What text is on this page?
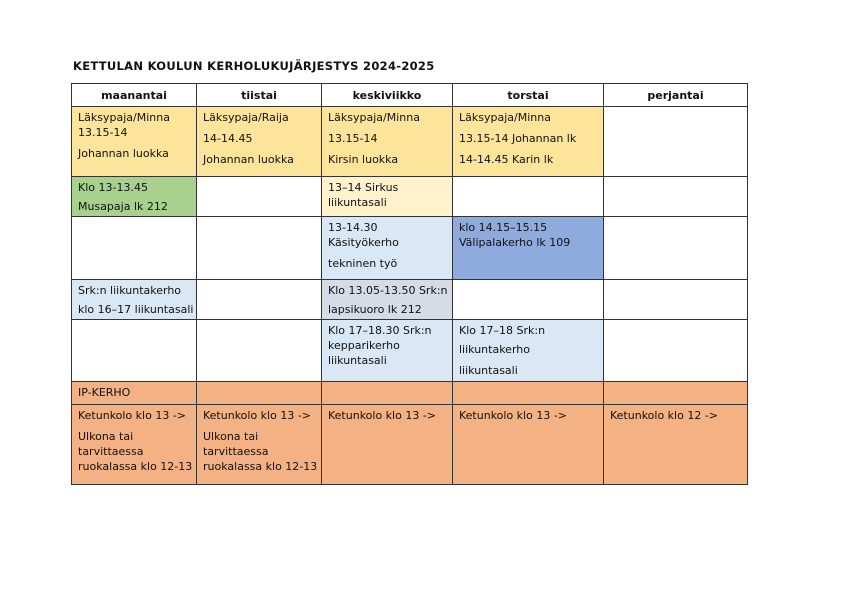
KETTULAN KOULUN KERHOLUKUJÄRJESTYS 2024-2025
maanantai	tiistai	keskiviikko	torstai	perjantai

Läksypaja/Minna
13.15-14
Johannan luokka	Läksypaja/Raija
14-14.45
Johannan luokka	Läksypaja/Minna
13.15-14
Kirsin luokka	Läksypaja/Minna
13.15-14 Johannan lk
14-14.45 Karin lk	

Klo 13-13.45
Musapaja lk 212		13–14 Sirkus
liikuntasali		

		13-14.30
Käsityökerho
tekninen työ	klo 14.15–15.15
Välipalakerho lk 109	

Srk:n liikuntakerho
klo 16–17 liikuntasali		Klo 13.05-13.50 Srk:n
lapsikuoro lk 212		

		Klo 17–18.30 Srk:n
kepparikerho
liikuntasali	Klo 17–18 Srk:n
liikuntakerho
liikuntasali	

IP-KERHO				

Ketunkolo klo 13 ->
Ulkona tai
tarvittaessa
ruokalassa klo 12-13	Ketunkolo klo 13 ->
Ulkona tai
tarvittaessa
ruokalassa klo 12-13	Ketunkolo klo 13 ->	Ketunkolo klo 13 ->	Ketunkolo klo 12 ->
